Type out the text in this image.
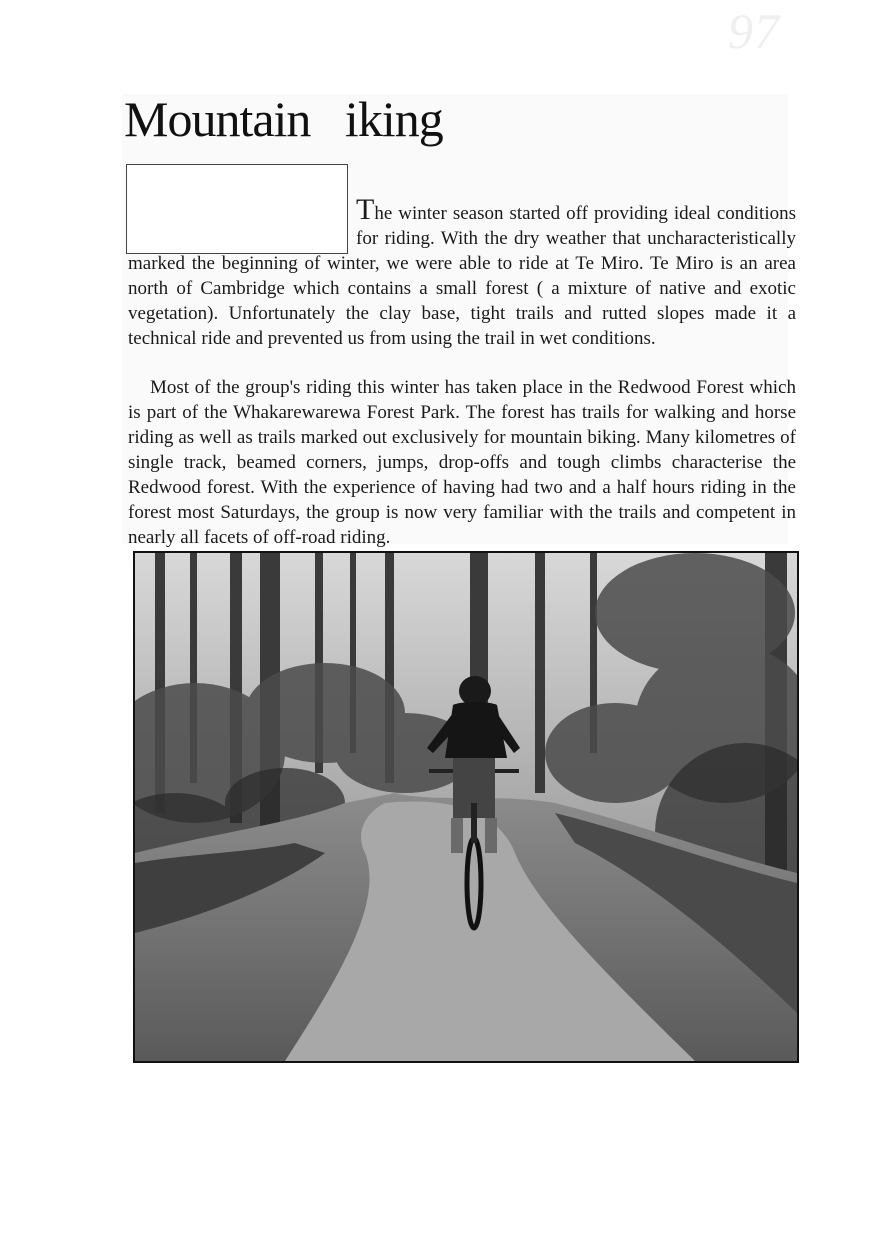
97
Mountain   iking

The winter season started off providing ideal conditions for riding. With the dry weather that uncharacteristically marked the beginning of winter, we were able to ride at Te Miro. Te Miro is an area north of Cambridge which contains a small forest ( a mixture of native and exotic vegetation). Unfortunately the clay base, tight trails and rutted slopes made it a technical ride and prevented us from using the trail in wet conditions.

Most of the group's riding this winter has taken place in the Redwood Forest which is part of the Whakarewarewa Forest Park. The forest has trails for walking and horse riding as well as trails marked out exclusively for mountain biking. Many kilometres of single track, beamed corners, jumps, drop-offs and tough climbs characterise the Redwood forest. With the experience of having had two and a half hours riding in the forest most Saturdays, the group is now very familiar with the trails and competent in nearly all facets of off-road riding.
